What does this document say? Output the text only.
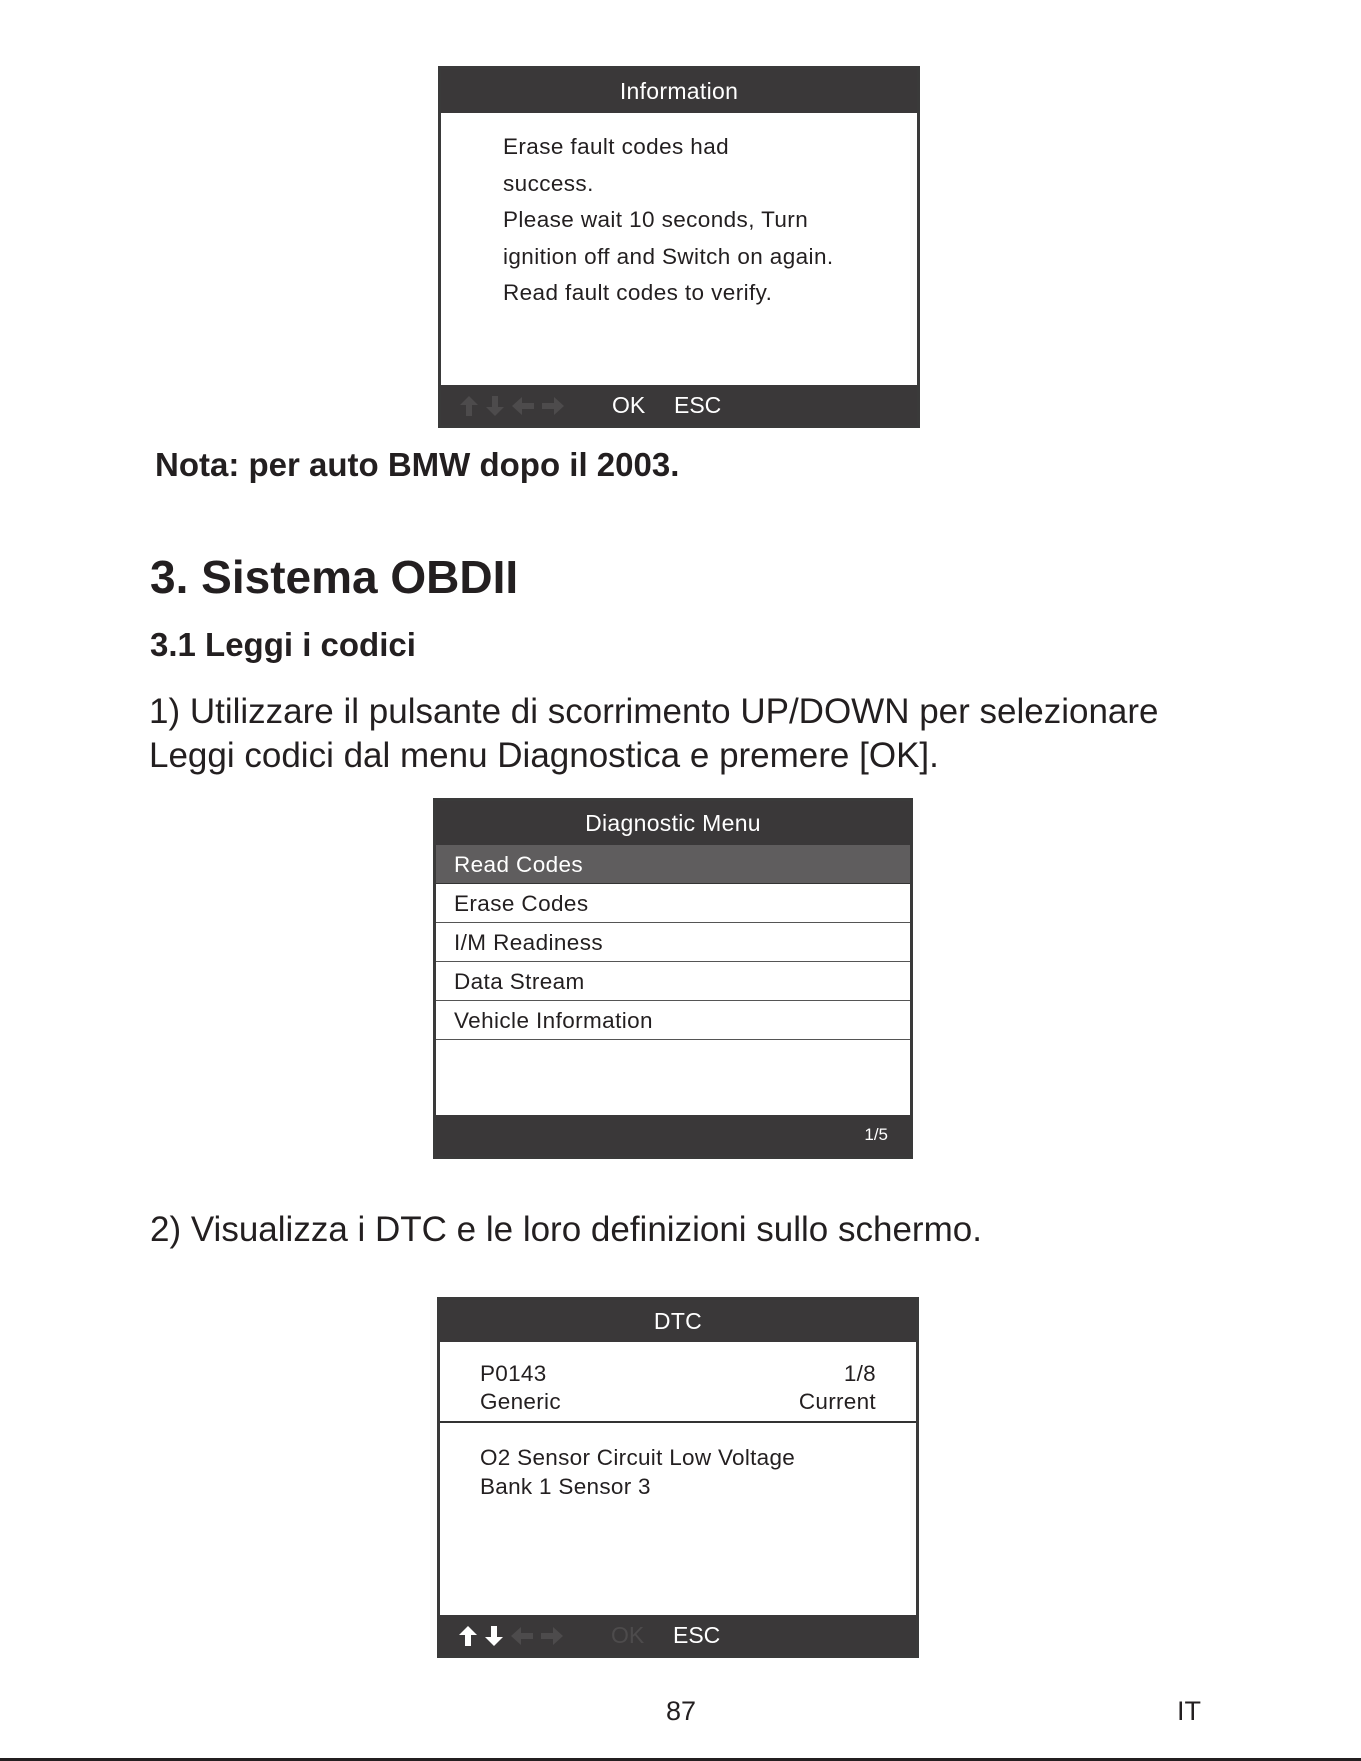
Information
Erase fault codes had
success.
Please wait 10 seconds, Turn
ignition off and Switch on again.
Read fault codes to verify.
OK ESC
Nota: per auto BMW dopo il 2003.
3. Sistema OBDII
3.1 Leggi i codici
1) Utilizzare il pulsante di scorrimento UP/DOWN per selezionare
Leggi codici dal menu Diagnostica e premere [OK].
Diagnostic Menu
Read Codes
Erase Codes
I/M Readiness
Data Stream
Vehicle Information
1/5
2) Visualizza i DTC e le loro definizioni sullo schermo.
DTC
P0143	1/8
Generic	Current
O2 Sensor Circuit Low Voltage
Bank 1 Sensor 3
OK ESC
87	IT
